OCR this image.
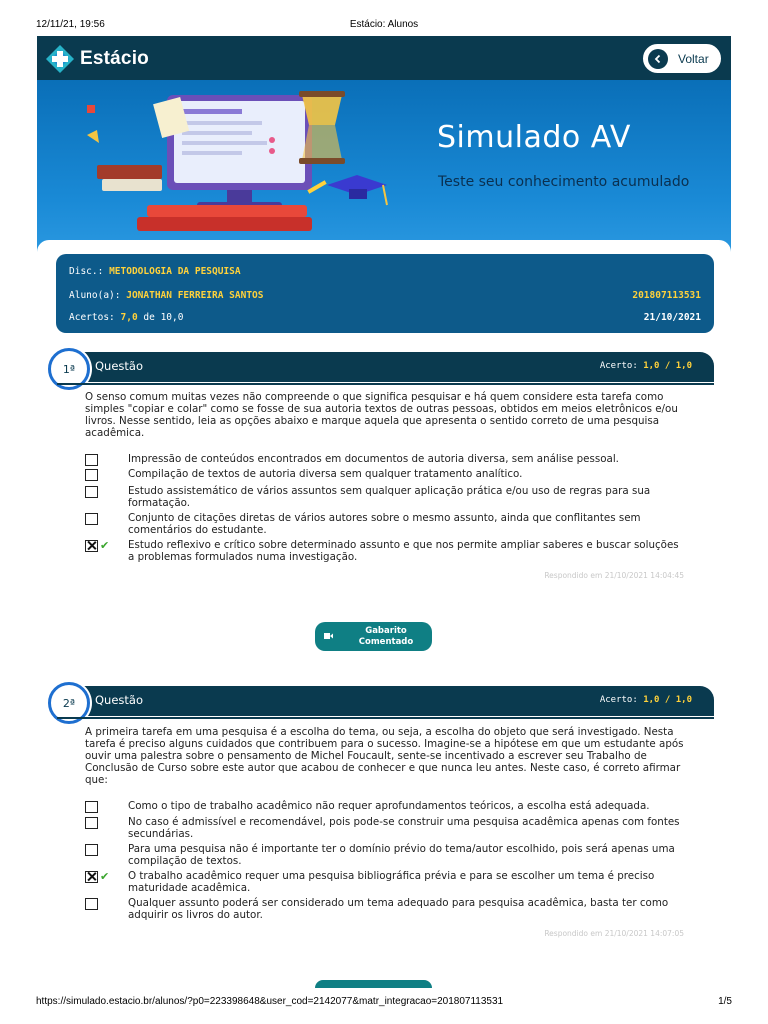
12/11/21, 19:56	Estácio: Alunos
Estácio	Voltar
Simulado AV
Teste seu conhecimento acumulado
Disc.: METODOLOGIA DA PESQUISA
Aluno(a): JONATHAN FERREIRA SANTOS	201807113531
Acertos: 7,0 de 10,0	21/10/2021
1ª Questão	Acerto: 1,0 / 1,0
O senso comum muitas vezes não compreende o que significa pesquisar e há quem considere esta tarefa como simples "copiar e colar" como se fosse de sua autoria textos de outras pessoas, obtidos em meios eletrônicos e/ou livros. Nesse sentido, leia as opções abaixo e marque aquela que apresenta o sentido correto de uma pesquisa acadêmica.
Impressão de conteúdos encontrados em documentos de autoria diversa, sem análise pessoal.
Compilação de textos de autoria diversa sem qualquer tratamento analítico.
Estudo assistemático de vários assuntos sem qualquer aplicação prática e/ou uso de regras para sua formatação.
Conjunto de citações diretas de vários autores sobre o mesmo assunto, ainda que conflitantes sem comentários do estudante.
✔ Estudo reflexivo e crítico sobre determinado assunto e que nos permite ampliar saberes e buscar soluções a problemas formulados numa investigação.
Respondido em 21/10/2021 14:04:45
Gabarito
Comentado
2ª Questão	Acerto: 1,0 / 1,0
A primeira tarefa em uma pesquisa é a escolha do tema, ou seja, a escolha do objeto que será investigado. Nesta tarefa é preciso alguns cuidados que contribuem para o sucesso. Imagine-se a hipótese em que um estudante após ouvir uma palestra sobre o pensamento de Michel Foucault, sente-se incentivado a escrever seu Trabalho de Conclusão de Curso sobre este autor que acabou de conhecer e que nunca leu antes. Neste caso, é correto afirmar que:
Como o tipo de trabalho acadêmico não requer aprofundamentos teóricos, a escolha está adequada.
No caso é admissível e recomendável, pois pode-se construir uma pesquisa acadêmica apenas com fontes secundárias.
Para uma pesquisa não é importante ter o domínio prévio do tema/autor escolhido, pois será apenas uma compilação de textos.
✔ O trabalho acadêmico requer uma pesquisa bibliográfica prévia e para se escolher um tema é preciso maturidade acadêmica.
Qualquer assunto poderá ser considerado um tema adequado para pesquisa acadêmica, basta ter como adquirir os livros do autor.
Respondido em 21/10/2021 14:07:05
https://simulado.estacio.br/alunos/?p0=223398648&user_cod=2142077&matr_integracao=201807113531	1/5
